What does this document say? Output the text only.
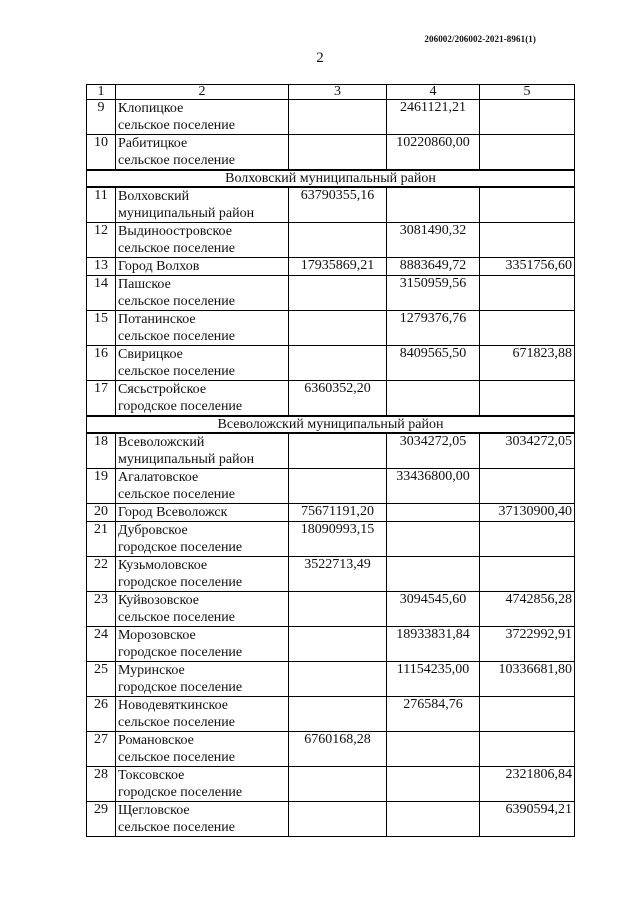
206002/206002-2021-8961(1)
2
1	2	3	4	5
9	Клопицкое
сельское поселение		2461121,21	
10	Рабитицкое
сельское поселение		10220860,00	
Волховский муниципальный район				
11	Волховский
муниципальный район	63790355,16		
12	Выдиноостровское
сельское поселение		3081490,32	
13	Город Волхов	17935869,21	8883649,72	3351756,60
14	Пашское
сельское поселение		3150959,56	
15	Потанинское
сельское поселение		1279376,76	
16	Свирицкое
сельское поселение		8409565,50	671823,88
17	Сясьстройское
городское поселение	6360352,20		
Всеволожский муниципальный район				
18	Всеволожский
муниципальный район		3034272,05	3034272,05
19	Агалатовское
сельское поселение		33436800,00	
20	Город Всеволожск	75671191,20		37130900,40
21	Дубровское
городское поселение	18090993,15		
22	Кузьмоловское
городское поселение	3522713,49		
23	Куйвозовское
сельское поселение		3094545,60	4742856,28
24	Морозовское
городское поселение		18933831,84	3722992,91
25	Муринское
городское поселение		11154235,00	10336681,80
26	Новодевяткинское
сельское поселение		276584,76	
27	Романовское
сельское поселение	6760168,28		
28	Токсовское
городское поселение			2321806,84
29	Щегловское
сельское поселение			6390594,21
